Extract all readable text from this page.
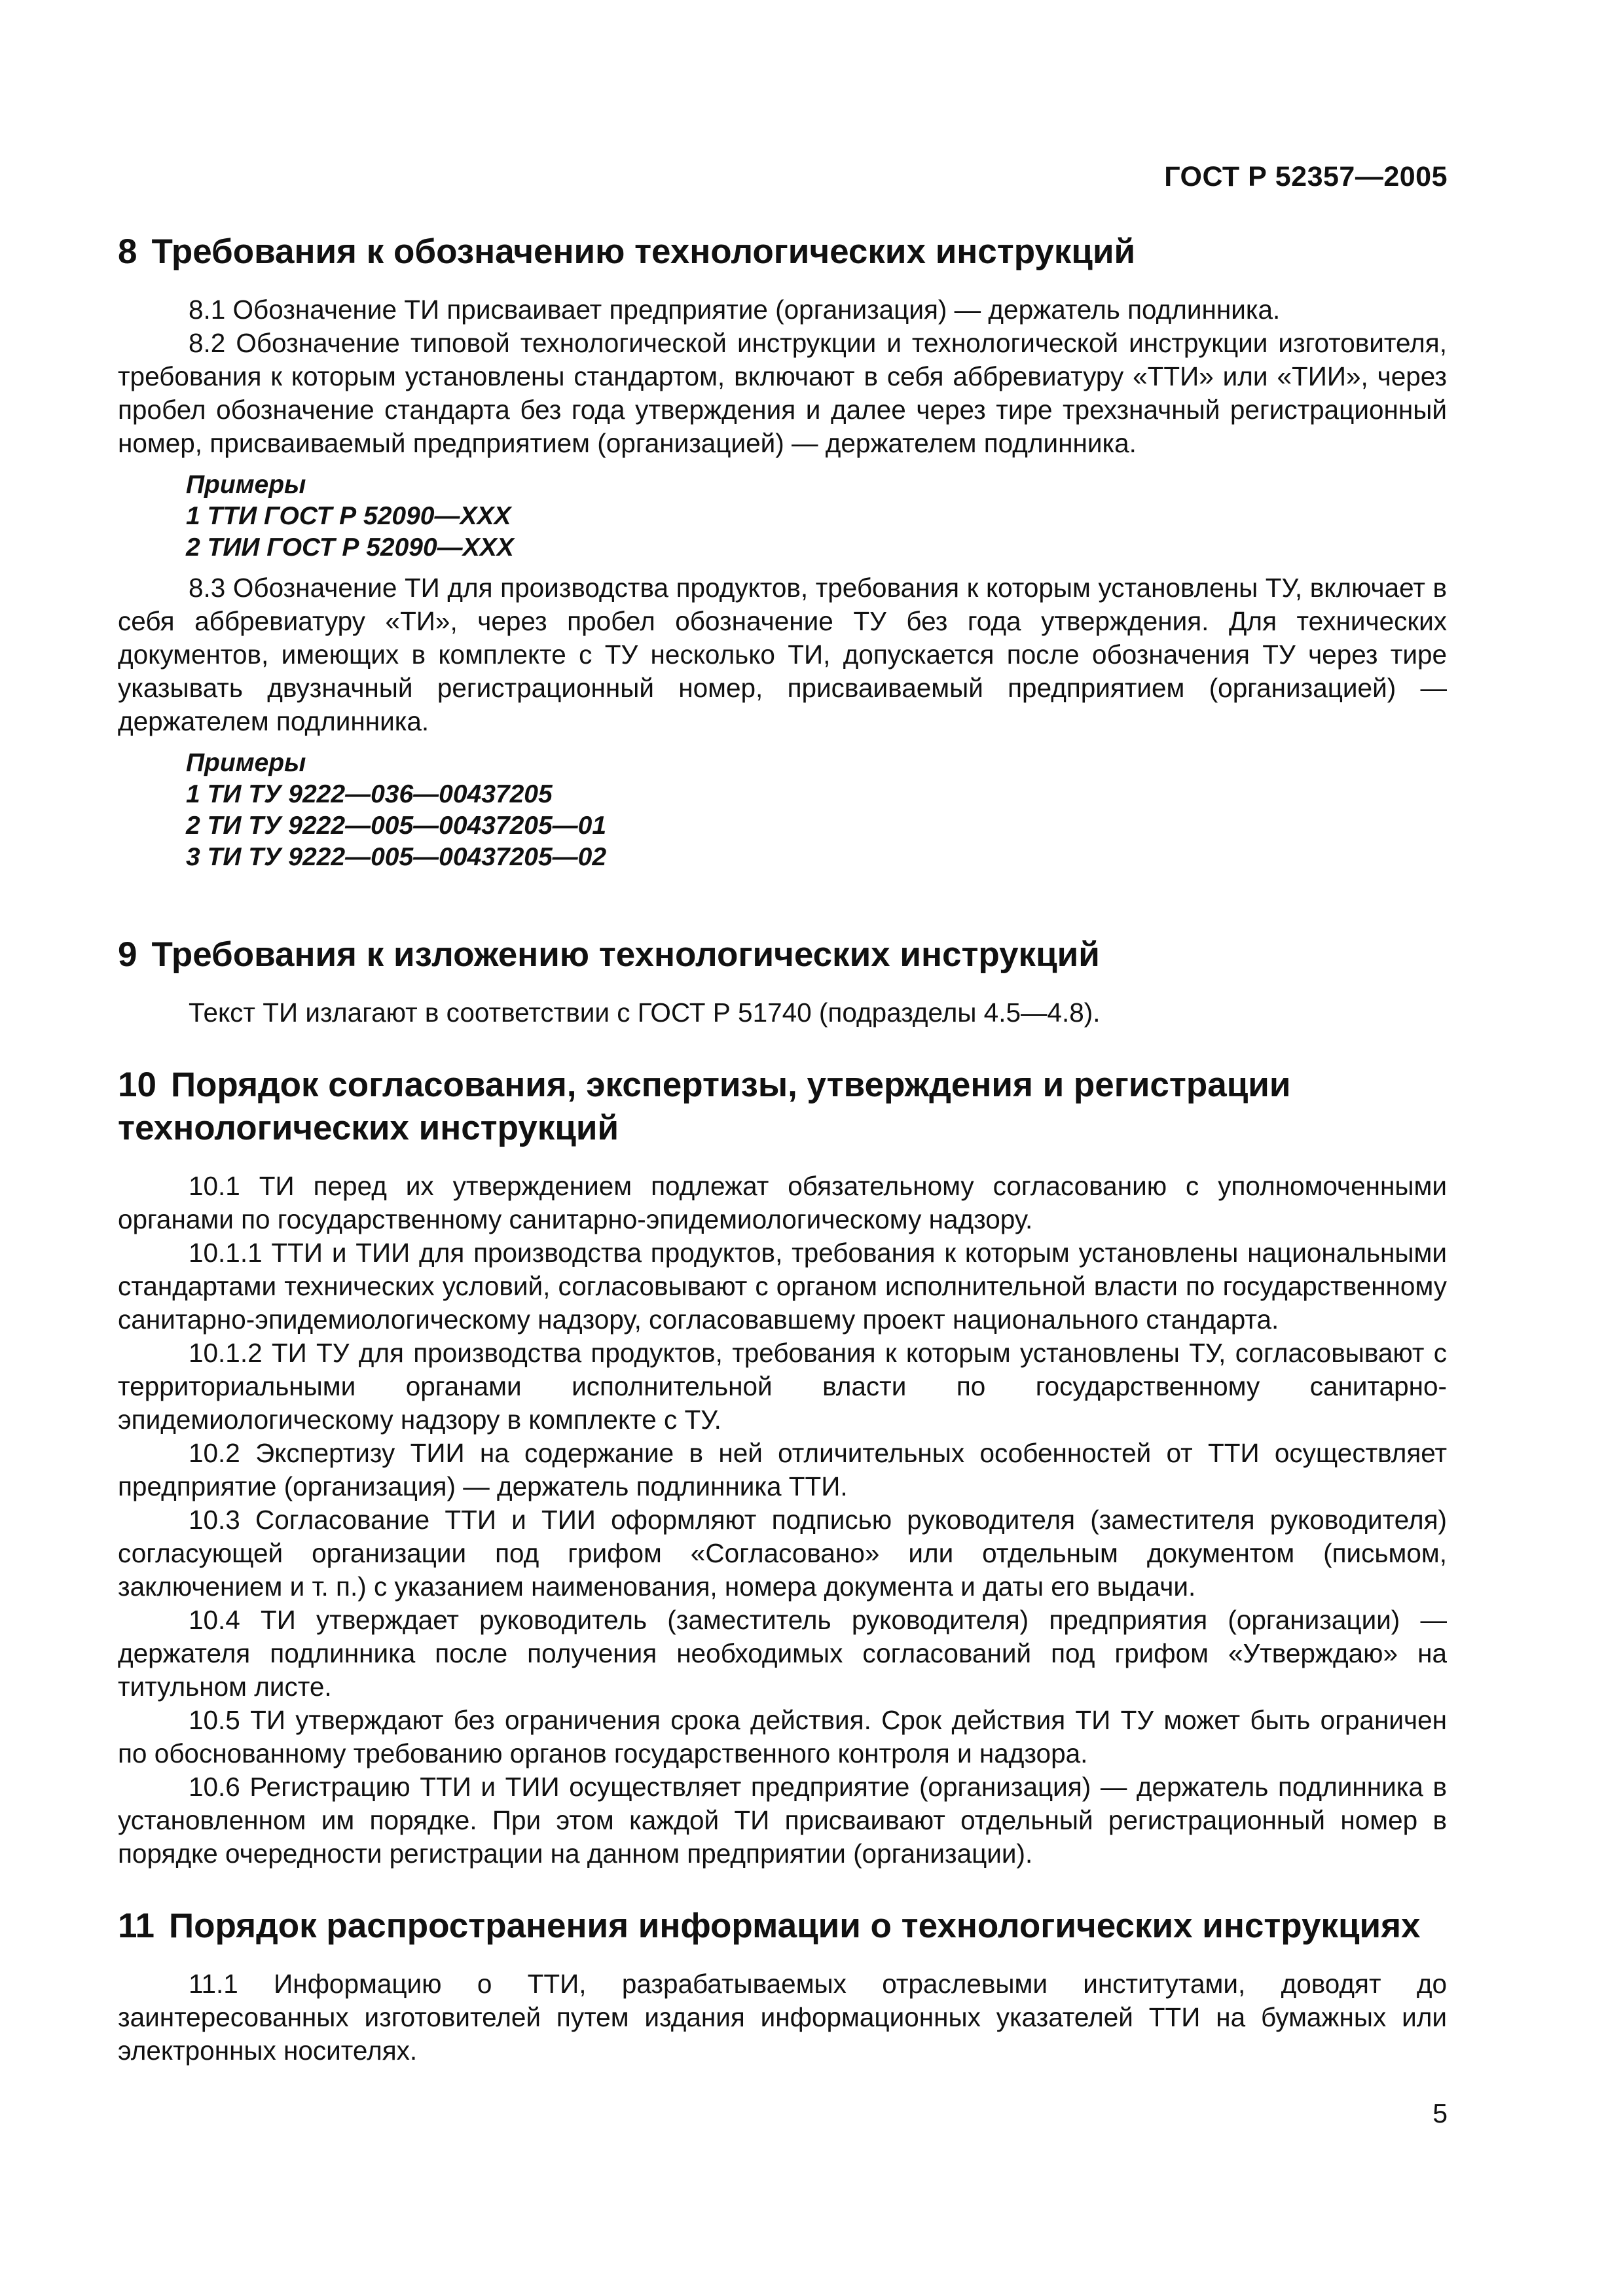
ГОСТ Р 52357—2005
8 Требования к обозначению технологических инструкций

8.1 Обозначение ТИ присваивает предприятие (организация) — держатель подлинника.

8.2 Обозначение типовой технологической инструкции и технологической инструкции изготовителя, требования к которым установлены стандартом, включают в себя аббревиатуру «ТТИ» или «ТИИ», через пробел обозначение стандарта без года утверждения и далее через тире трехзначный регистрационный номер, присваиваемый предприятием (организацией) — держателем подлинника.

Примеры
1 ТТИ ГОСТ Р 52090—XXX
2 ТИИ ГОСТ Р 52090—XXX

8.3 Обозначение ТИ для производства продуктов, требования к которым установлены ТУ, включает в себя аббревиатуру «ТИ», через пробел обозначение ТУ без года утверждения. Для технических документов, имеющих в комплекте с ТУ несколько ТИ, допускается после обозначения ТУ через тире указывать двузначный регистрационный номер, присваиваемый предприятием (организацией) — держателем подлинника.

Примеры
1 ТИ ТУ 9222—036—00437205
2 ТИ ТУ 9222—005—00437205—01
3 ТИ ТУ 9222—005—00437205—02
9 Требования к изложению технологических инструкций

Текст ТИ излагают в соответствии с ГОСТ Р 51740 (подразделы 4.5—4.8).

10 Порядок согласования, экспертизы, утверждения и регистрации
технологических инструкций

10.1 ТИ перед их утверждением подлежат обязательному согласованию с уполномоченными органами по государственному санитарно-эпидемиологическому надзору.

10.1.1 ТТИ и ТИИ для производства продуктов, требования к которым установлены национальными стандартами технических условий, согласовывают с органом исполнительной власти по государственному санитарно-эпидемиологическому надзору, согласовавшему проект национального стандарта.

10.1.2 ТИ ТУ для производства продуктов, требования к которым установлены ТУ, согласовывают с территориальными органами исполнительной власти по государственному санитарно-эпидемиологическому надзору в комплекте с ТУ.

10.2 Экспертизу ТИИ на содержание в ней отличительных особенностей от ТТИ осуществляет предприятие (организация) — держатель подлинника ТТИ.

10.3 Согласование ТТИ и ТИИ оформляют подписью руководителя (заместителя руководителя) согласующей организации под грифом «Согласовано» или отдельным документом (письмом, заключением и т. п.) с указанием наименования, номера документа и даты его выдачи.

10.4 ТИ утверждает руководитель (заместитель руководителя) предприятия (организации) — держателя подлинника после получения необходимых согласований под грифом «Утверждаю» на титульном листе.

10.5 ТИ утверждают без ограничения срока действия. Срок действия ТИ ТУ может быть ограничен по обоснованному требованию органов государственного контроля и надзора.

10.6 Регистрацию ТТИ и ТИИ осуществляет предприятие (организация) — держатель подлинника в установленном им порядке. При этом каждой ТИ присваивают отдельный регистрационный номер в порядке очередности регистрации на данном предприятии (организации).

11 Порядок распространения информации о технологических инструкциях

11.1 Информацию о ТТИ, разрабатываемых отраслевыми институтами, доводят до заинтересованных изготовителей путем издания информационных указателей ТТИ на бумажных или электронных носителях.

5
